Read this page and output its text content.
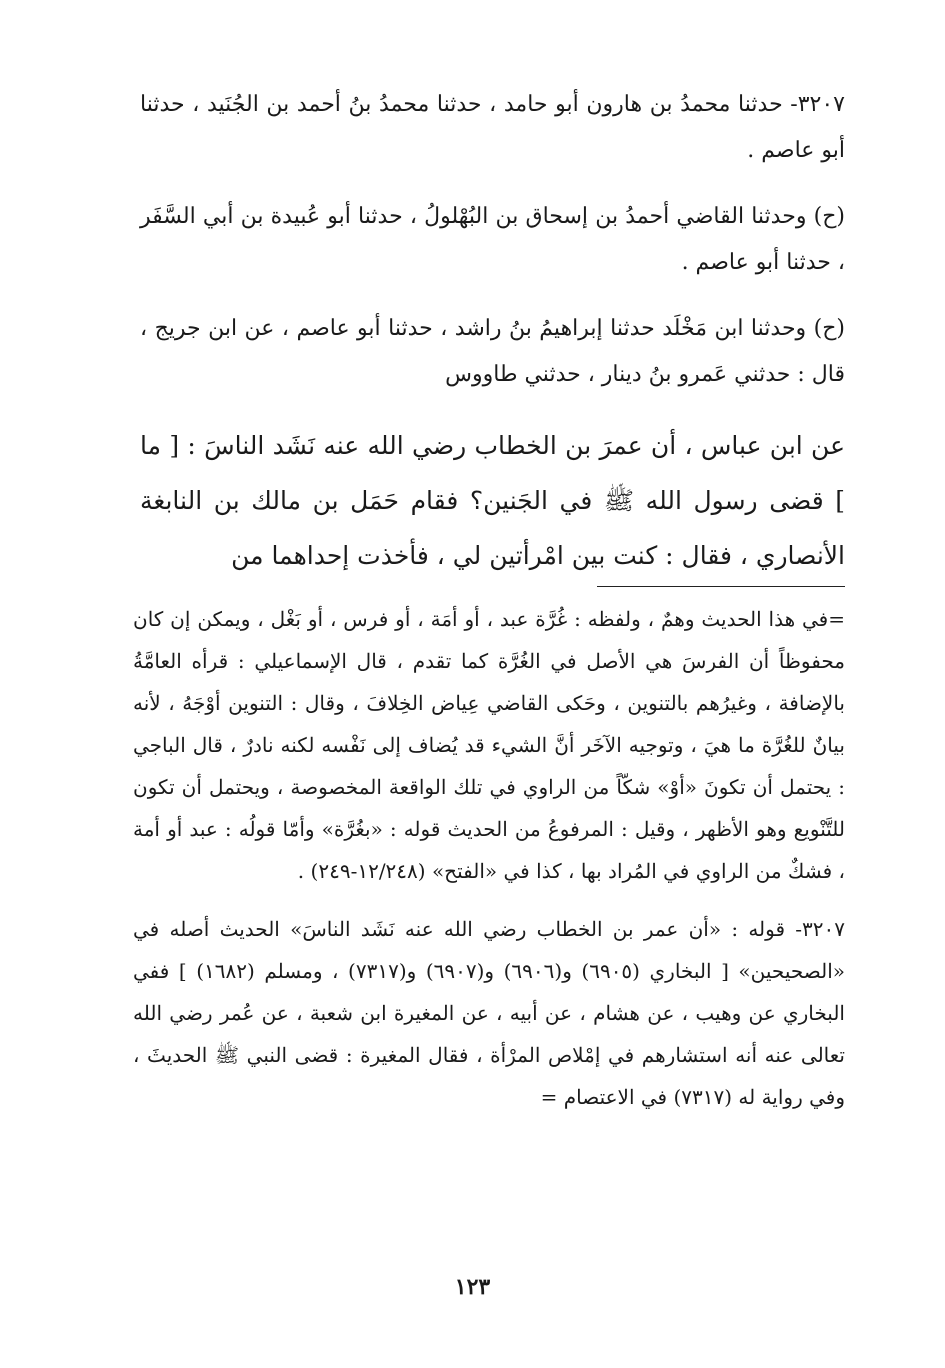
٣٢٠٧- حدثنا محمدُ بن هارون أبو حامد ، حدثنا محمدُ بنُ أحمد بن الجُنَيد ، حدثنا أبو عاصم .

(ح) وحدثنا القاضي أحمدُ بن إسحاق بن البُهْلولُ ، حدثنا أبو عُبيدة بن أبي السَّفَر ، حدثنا أبو عاصم .

(ح) وحدثنا ابن مَخْلَد حدثنا إبراهيمُ بنُ راشد ، حدثنا أبو عاصم ، عن ابن جريج ، قال : حدثني عَمرو بنُ دينار ، حدثني طاووس

عن ابن عباس ، أن عمرَ بن الخطاب رضي الله عنه نَشَد الناسَ : [ ما ] قضى رسول الله ﷺ في الجَنين؟ فقام حَمَل بن مالك بن النابغة الأنصاري ، فقال : كنت بين امْرأتين لي ، فأخذت إحداهما من

=في هذا الحديث وهمٌ ، ولفظه : غُرَّة عبد ، أو أمَة ، أو فرس ، أو بَغْل ، ويمكن إن كان محفوظاً أن الفرسَ هي الأصل في الغُرَّة كما تقدم ، قال الإسماعيلي : قرأه العامَّةُ بالإضافة ، وغيرُهم بالتنوين ، وحَكى القاضي عِياض الخِلافَ ، وقال : التنوين أوْجَهُ ، لأنه بيانٌ للغُرَّة ما هيَ ، وتوجيه الآخَر أنَّ الشيء قد يُضاف إلى نَفْسه لكنه نادرٌ ، قال الباجي : يحتمل أن تكونَ «أوْ» شكّاً من الراوي في تلك الواقعة المخصوصة ، ويحتمل أن تكون للتَّنْويع وهو الأظهر ، وقيل : المرفوعُ من الحديث قوله : «بغُرَّة» وأمّا قولُه : عبد أو أمة ، فشكٌ من الراوي في المُراد بها ، كذا في «الفتح» (١٢/٢٤٨-٢٤٩) .

٣٢٠٧- قوله : «أن عمر بن الخطاب رضي الله عنه نَشَد الناسَ» الحديث أصله في «الصحيحين» [ البخاري (٦٩٠٥) و(٦٩٠٦) و(٦٩٠٧) و(٧٣١٧) ، ومسلم (١٦٨٢) ] ففي البخاري عن وهيب ، عن هشام ، عن أبيه ، عن المغيرة ابن شعبة ، عن عُمر رضي الله تعالى عنه أنه استشارهم في إمْلاص المرْأة ، فقال المغيرة : قضى النبي ﷺ الحديثَ ، وفي رواية له (٧٣١٧) في الاعتصام =

١٢٣
